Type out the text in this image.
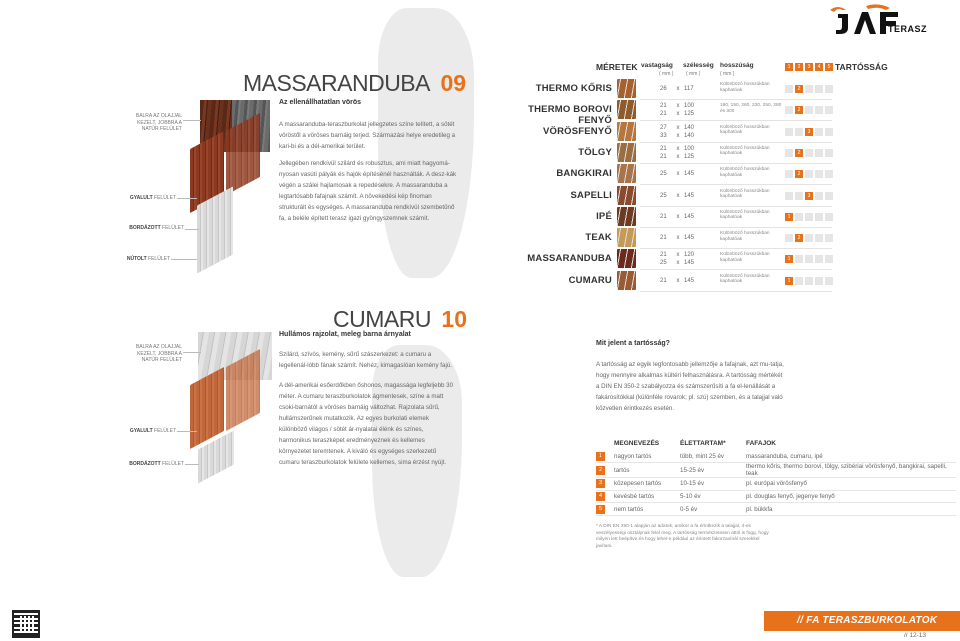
MASSARANDUBA 09
Az ellenállhatatlan vörös
A massaranduba-teraszburkolat jellegzetes színe telített, a sötét vöröstől a vöröses barnáig terjed. Származási helye eredetileg a kari-bi és a dél-amerikai terület.
Jellegében rendkívül szilárd és robusztus, ami miatt hagyomá-nyosan vasúti pályák és hajók építésénél használták. A desz-kák végén a szálei hajlamosak a repedésekre. A massaranduba a legtartósabb fafajnak számít. A növekedési kép finoman strukturált és egységes. A massaranduba rendkívül szembetűnő fa, a beléle épített terasz igazi gyöngyszemnek számít.
BALRA AZ OLAJJAL KEZELT, JOBBRA A NATÚR FELÜLET
GYALULT FELÜLET
BORDÁZOTT FELÜLET
NÚTOLT FELÜLET
CUMARU 10
Hullámos rajzolat, meleg barna árnyalat
Szilárd, szívós, kemény, sűrű szászerkezet: a cumaru a legellenál-lóbb fának számít. Nehéz, kimagaslóan kemény fajú.
A dél-amerikai esőerdőkben őshonos, magassága legfeljebb 30 méter. A cumaru teraszburkolatok ágmentesek, színe a matt csoki-barnától a vöröses barnáig változhat. Rajzolata sűrű, hullámszerűnek mutatkozik. Az egyes burkolati elemek különböző világos / sötét ár-nyalatai élénk és színes, harmonikus teraszképet eredményeznek és kellemes környezetet teremtenek. A kiváló és egységes szerkezetű cumaru teraszburkolatok felülete kellemes, sima érzést nyújt.
BALRA AZ OLAJJAL KEZELT, JOBBRA A NATÚR FELÜLET
GYALULT FELÜLET
BORDÁZOTT FELÜLET
TERASZ
MÉRETEK vastagság
( mm )
szélesség
( mm )
hosszúság
( mm )
1	2	3	4	5 TARTÓSSÁG
THERMO KŐRIS	26 x 117
Különböző hosszúkban kaphatóak	2
THERMO BOROVI FENYŐ
21 x 100
21 x 125
180, 150, 260, 230, 250, 280 és 300	2
VÖRÖSFENYŐ	27 x 140
33 x 140
Különböző hosszúkban kaphatóak	3
TÖLGY	21 x 100
21 x 125
Különböző hosszúkban kaphatóak	2
BANGKIRAI	25 x 145
Különböző hosszúkban kaphatóak	2
SAPELLI	25 x 145
Különböző hosszúkban kaphatóak	3
IPÉ	21 x 145
Különböző hosszúkban kaphatóak	1
TEAK	21 x 145
Különböző hosszúkban kaphatóak	2
MASSARANDUBA	21 x 120
25 x 145
Különböző hosszúkban kaphatóak	1
CUMARU	21 x 145
Különböző hosszúkban kaphatóak	1
Mit jelent a tartósság?
A tartósság az egyik legfontosabb jellemzője a fafajnak, azt mu-tatja, hogy mennyire alkalmas kültéri felhasználásra. A tartósság mértékét a DIN EN 350-2 szabályozza és számszerűsíti a fa el-lenállását a fakárosítókkal (különféle rovarok; pl. szú) szemben, és a talajjal való közvetlen érintkezés esetén.
	MEGNEVEZÉS	ÉLETTARTAM*	FAFAJOK

1	nagyon tartós	több, mint 25 év	massaranduba, cumaru, ipé

2	tartós	15-25 év	thermo kőris, thermo borovi, tölgy, szibériai vörösfenyő, bangkirai, sapelli, teak

3	közepesen tartós	10-15 év	pl. európai vörösfenyő

4	kevésbé tartós	5-10 év	pl. douglas fenyő, jegenye fenyő

5	nem tartós	0-5 év	pl. bükkfa
* A DIN EN 350-1 alapján az adatok, amikor a fa érintkezik a talajjal, 4-es veszélyességi osztálynak felel meg. A tartósság természetesen attól is függ, hogy milyen lett beépítve és hogy lehet-e például az érintett fakorzavínál szerekkel javítani.
// FA TERASZBURKOLATOK
// 12-13
